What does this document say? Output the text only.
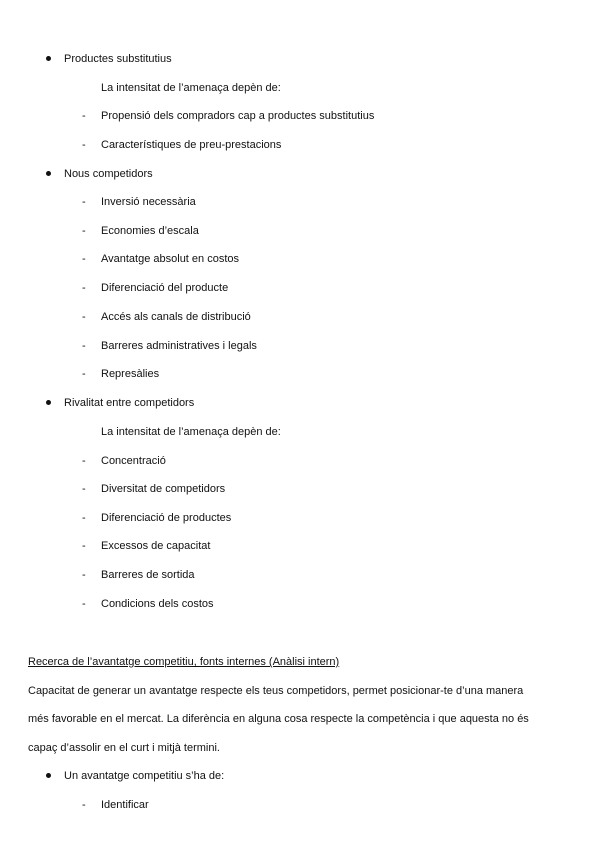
Productes substitutius
La intensitat de l’amenaça depèn de:
- Propensió dels compradors cap a productes substitutius
- Característiques de preu-prestacions
Nous competidors
- Inversió necessària
- Economies d’escala
- Avantatge absolut en costos
- Diferenciació del producte
- Accés als canals de distribució
- Barreres administratives i legals
- Represàlies
Rivalitat entre competidors
La intensitat de l’amenaça depèn de:
- Concentració
- Diversitat de competidors
- Diferenciació de productes
- Excessos de capacitat
- Barreres de sortida
- Condicions dels costos
Recerca de l’avantatge competitiu, fonts internes (Anàlisi intern)
Capacitat de generar un avantatge respecte els teus competidors, permet posicionar-te d’una manera
més favorable en el mercat. La diferència en alguna cosa respecte la competència i que aquesta no és
capaç d’assolir en el curt i mitjà termini.
Un avantatge competitiu s’ha de:
- Identificar
